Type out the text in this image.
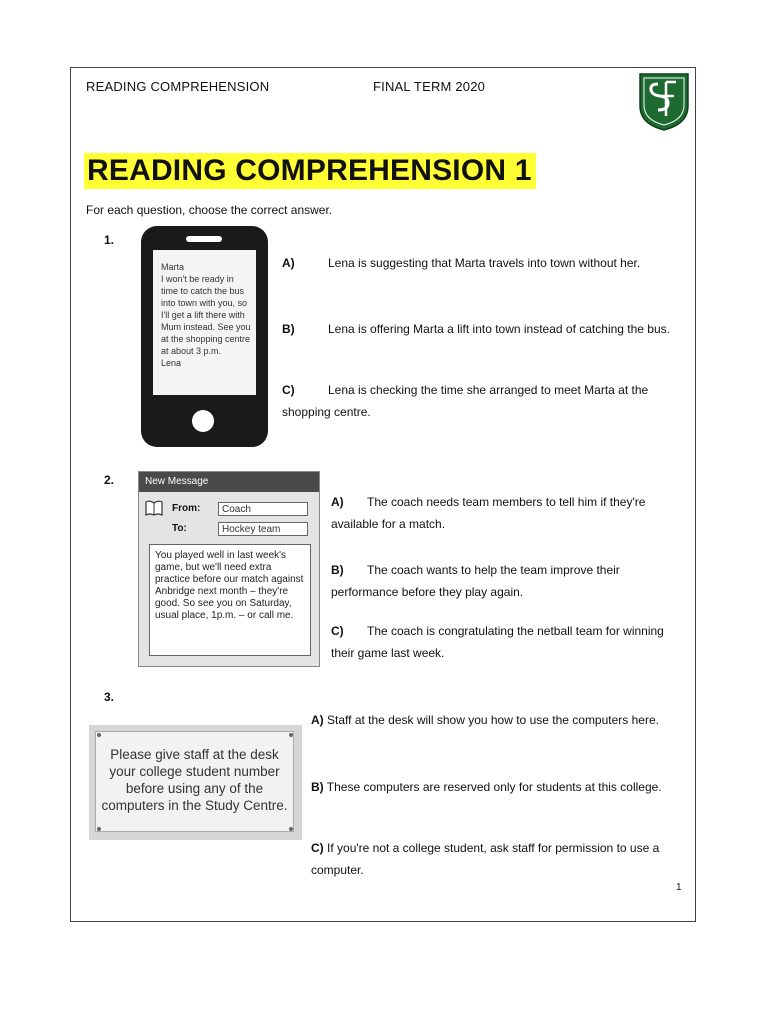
READING COMPREHENSION	FINAL TERM 2020
READING COMPREHENSION 1
For each question, choose the correct answer.
1.

Marta
I won't be ready in time to catch the bus into town with you, so I'll get a lift there with Mum instead. See you at the shopping centre at about 3 p.m.
Lena

A)	Lena is suggesting that Marta travels into town without her.
B)	Lena is offering Marta a lift into town instead of catching the bus.
C)	Lena is checking the time she arranged to meet Marta at the shopping centre.
2.	New Message
From:	Coach
To:	Hockey team

You played well in last week's game, but we'll need extra practice before our match against Anbridge next month – they're good. So see you on Saturday, usual place, 1p.m. – or call me.

A) The coach needs team members to tell him if they're available for a match.
B) The coach wants to help the team improve their performance before they play again.
C) The coach is congratulating the netball team for winning their game last week.
3.
Please give staff at the desk your college student number before using any of the computers in the Study Centre.
A) Staff at the desk will show you how to use the computers here.
B) These computers are reserved only for students at this college.
C) If you're not a college student, ask staff for permission to use a computer.
1
